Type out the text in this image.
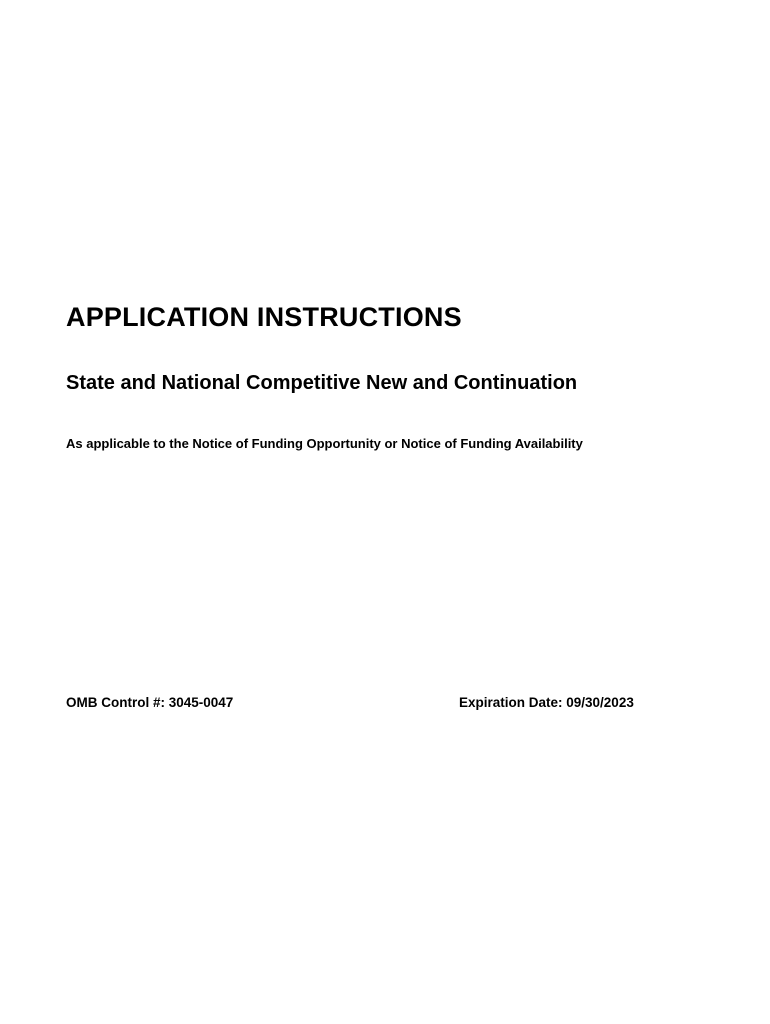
APPLICATION INSTRUCTIONS
State and National Competitive New and Continuation

As applicable to the Notice of Funding Opportunity or Notice of Funding Availability

OMB Control #: 3045-0047	Expiration Date: 09/30/2023
